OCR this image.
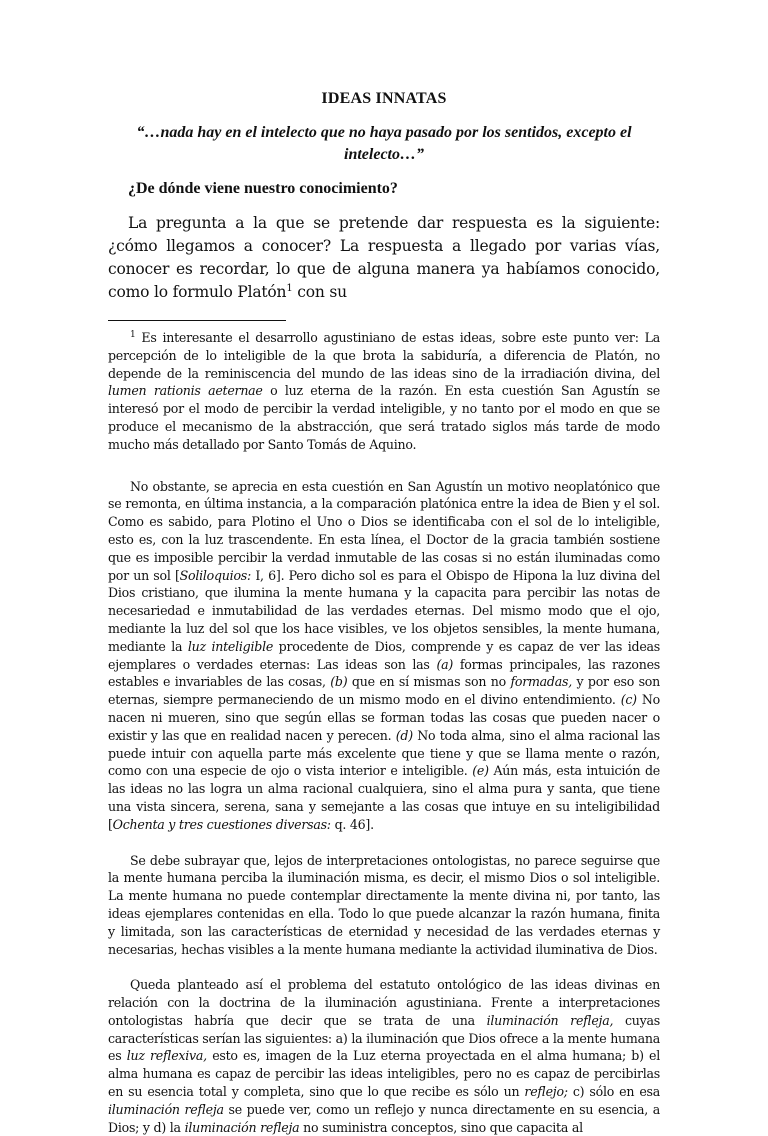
IDEAS INNATAS

“…nada hay en el intelecto que no haya pasado por los sentidos, excepto el intelecto…”

¿De dónde viene nuestro conocimiento?

La pregunta a la que se pretende dar respuesta es la siguiente: ¿cómo llegamos a conocer? La respuesta a llegado por varias vías, conocer es recordar, lo que de alguna manera ya habíamos conocido, como lo formulo Platón$^1$ con su

$^1$ Es interesante el desarrollo agustiniano de estas ideas, sobre este punto ver: La percepción de lo inteligible de la que brota la sabiduría, a diferencia de Platón, no depende de la reminiscencia del mundo de las ideas sino de la irradiación divina, del lumen rationis aeternae o luz eterna de la razón. En esta cuestión San Agustín se interesó por el modo de percibir la verdad inteligible, y no tanto por el modo en que se produce el mecanismo de la abstracción, que será tratado siglos más tarde de modo mucho más detallado por Santo Tomás de Aquino.

No obstante, se aprecia en esta cuestión en San Agustín un motivo neoplatónico que se remonta, en última instancia, a la comparación platónica entre la idea de Bien y el sol. Como es sabido, para Plotino el Uno o Dios se identificaba con el sol de lo inteligible, esto es, con la luz trascendente. En esta línea, el Doctor de la gracia también sostiene que es imposible percibir la verdad inmutable de las cosas si no están iluminadas como por un sol [Soliloquios: I, 6]. Pero dicho sol es para el Obispo de Hipona la luz divina del Dios cristiano, que ilumina la mente humana y la capacita para percibir las notas de necesariedad e inmutabilidad de las verdades eternas. Del mismo modo que el ojo, mediante la luz del sol que los hace visibles, ve los objetos sensibles, la mente humana, mediante la luz inteligible procedente de Dios, comprende y es capaz de ver las ideas ejemplares o verdades eternas: Las ideas son las (a) formas principales, las razones estables e invariables de las cosas, (b) que en sí mismas son no formadas, y por eso son eternas, siempre permaneciendo de un mismo modo en el divino entendimiento. (c) No nacen ni mueren, sino que según ellas se forman todas las cosas que pueden nacer o existir y las que en realidad nacen y perecen. (d) No toda alma, sino el alma racional las puede intuir con aquella parte más excelente que tiene y que se llama mente o razón, como con una especie de ojo o vista interior e inteligible. (e) Aún más, esta intuición de las ideas no las logra un alma racional cualquiera, sino el alma pura y santa, que tiene una vista sincera, serena, sana y semejante a las cosas que intuye en su inteligibilidad [Ochenta y tres cuestiones diversas: q. 46].

Se debe subrayar que, lejos de interpretaciones ontologistas, no parece seguirse que la mente humana perciba la iluminación misma, es decir, el mismo Dios o sol inteligible. La mente humana no puede contemplar directamente la mente divina ni, por tanto, las ideas ejemplares contenidas en ella. Todo lo que puede alcanzar la razón humana, finita y limitada, son las características de eternidad y necesidad de las verdades eternas y necesarias, hechas visibles a la mente humana mediante la actividad iluminativa de Dios.

Queda planteado así el problema del estatuto ontológico de las ideas divinas en relación con la doctrina de la iluminación agustiniana. Frente a interpretaciones ontologistas habría que decir que se trata de una iluminación refleja, cuyas características serían las siguientes: a) la iluminación que Dios ofrece a la mente humana es luz reflexiva, esto es, imagen de la Luz eterna proyectada en el alma humana; b) el alma humana es capaz de percibir las ideas inteligibles, pero no es capaz de percibirlas en su esencia total y completa, sino que lo que recibe es sólo un reflejo; c) sólo en esa iluminación refleja se puede ver, como un reflejo y nunca directamente en su esencia, a Dios; y d) la iluminación refleja no suministra conceptos, sino que capacita al
